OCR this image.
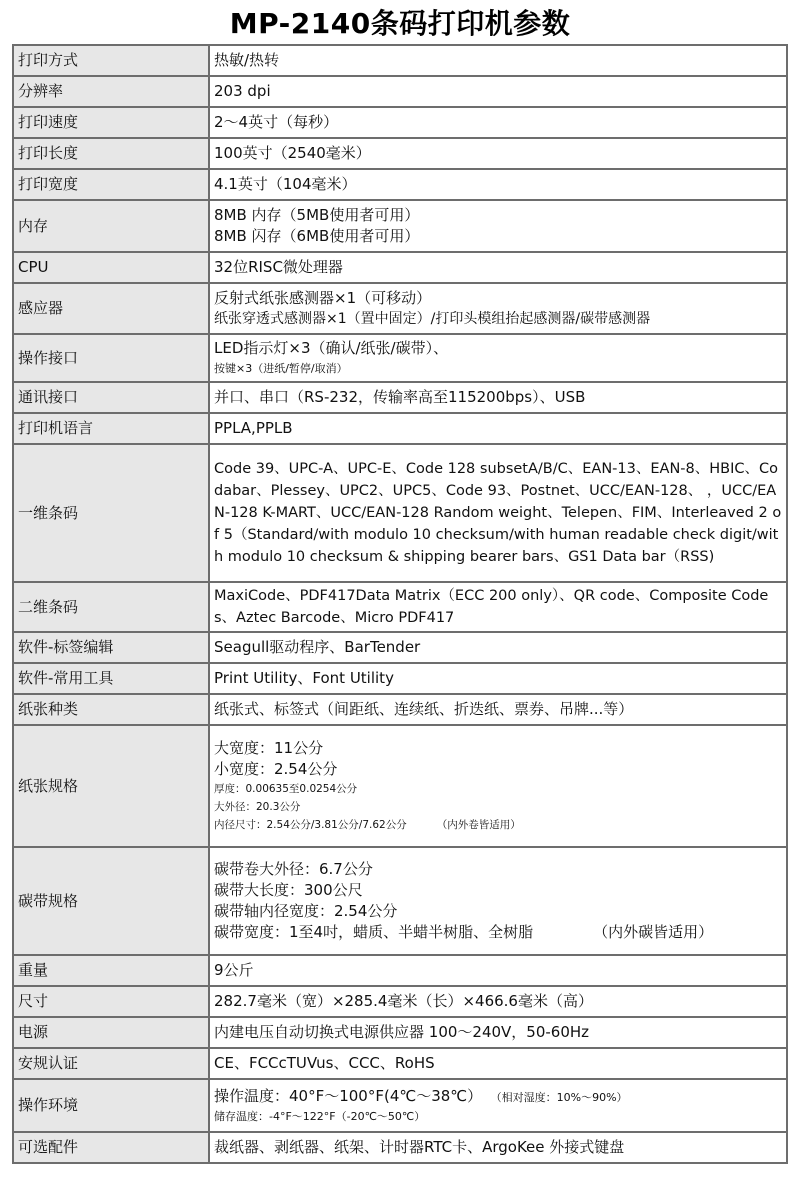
MP-2140条码打印机参数
打印方式	热敏/热转

分辨率	203 dpi

打印速度	2～4英寸（每秒）

打印长度	100英寸（2540毫米）

打印宽度	4.1英寸（104毫米）

内存	8MB 内存（5MB使用者可用）
8MB 闪存（6MB使用者可用）

CPU	32位RISC微处理器

感应器	反射式纸张感测器×1（可移动）
纸张穿透式感测器×1（置中固定）/打印头模组抬起感测器/碳带感测器

操作接口	LED指示灯×3（确认/纸张/碳带）、
按键×3（进纸/暂停/取消）

通讯接口	并口、串口（RS-232，传输率高至115200bps）、USB

打印机语言	PPLA,PPLB

一维条码	Code 39、UPC-A、UPC-E、Code 128 subsetA/B/C、EAN-13、EAN-8、HBIC、Codabar、Plessey、UPC2、UPC5、Code 93、Postnet、UCC/EAN-128、 ，UCC/EAN-128 K-MART、UCC/EAN-128 Random weight、Telepen、FIM、Interleaved 2 of 5（Standard/with modulo 10 checksum/with human readable check digit/with modulo 10 checksum & shipping bearer bars、GS1 Data bar（RSS)
二维条码	MaxiCode、PDF417Data Matrix（ECC 200 only）、QR code、Composite Codes、Aztec Barcode、Micro PDF417
软件-标签编辑	Seagull驱动程序、BarTender

软件-常用工具	Print Utility、Font Utility

纸张种类	纸张式、标签式（间距纸、连续纸、折迭纸、票券、吊牌...等）

纸张规格	大宽度：11公分
小宽度：2.54公分
厚度：0.00635至0.0254公分
大外径：20.3公分
内径尺寸：2.54公分/3.81公分/7.62公分 （内外卷皆适用）

碳带规格	碳带卷大外径：6.7公分
碳带大长度：300公尺
碳带轴内径宽度：2.54公分
碳带宽度：1至4吋，蜡质、半蜡半树脂、全树脂 （内外碳皆适用）

重量	9公斤

尺寸	282.7毫米（宽）×285.4毫米（长）×466.6毫米（高）

电源	内建电压自动切换式电源供应器 100～240V，50-60Hz

安规认证	CE、FCCcTUVus、CCC、RoHS

操作环境	操作温度：40°F～100°F(4℃～38℃） （相对湿度：10%～90%）
储存温度：-4°F～122°F（-20℃～50℃）

可选配件	裁纸器、剥纸器、纸架、计时器RTC卡、ArgoKee 外接式键盘
